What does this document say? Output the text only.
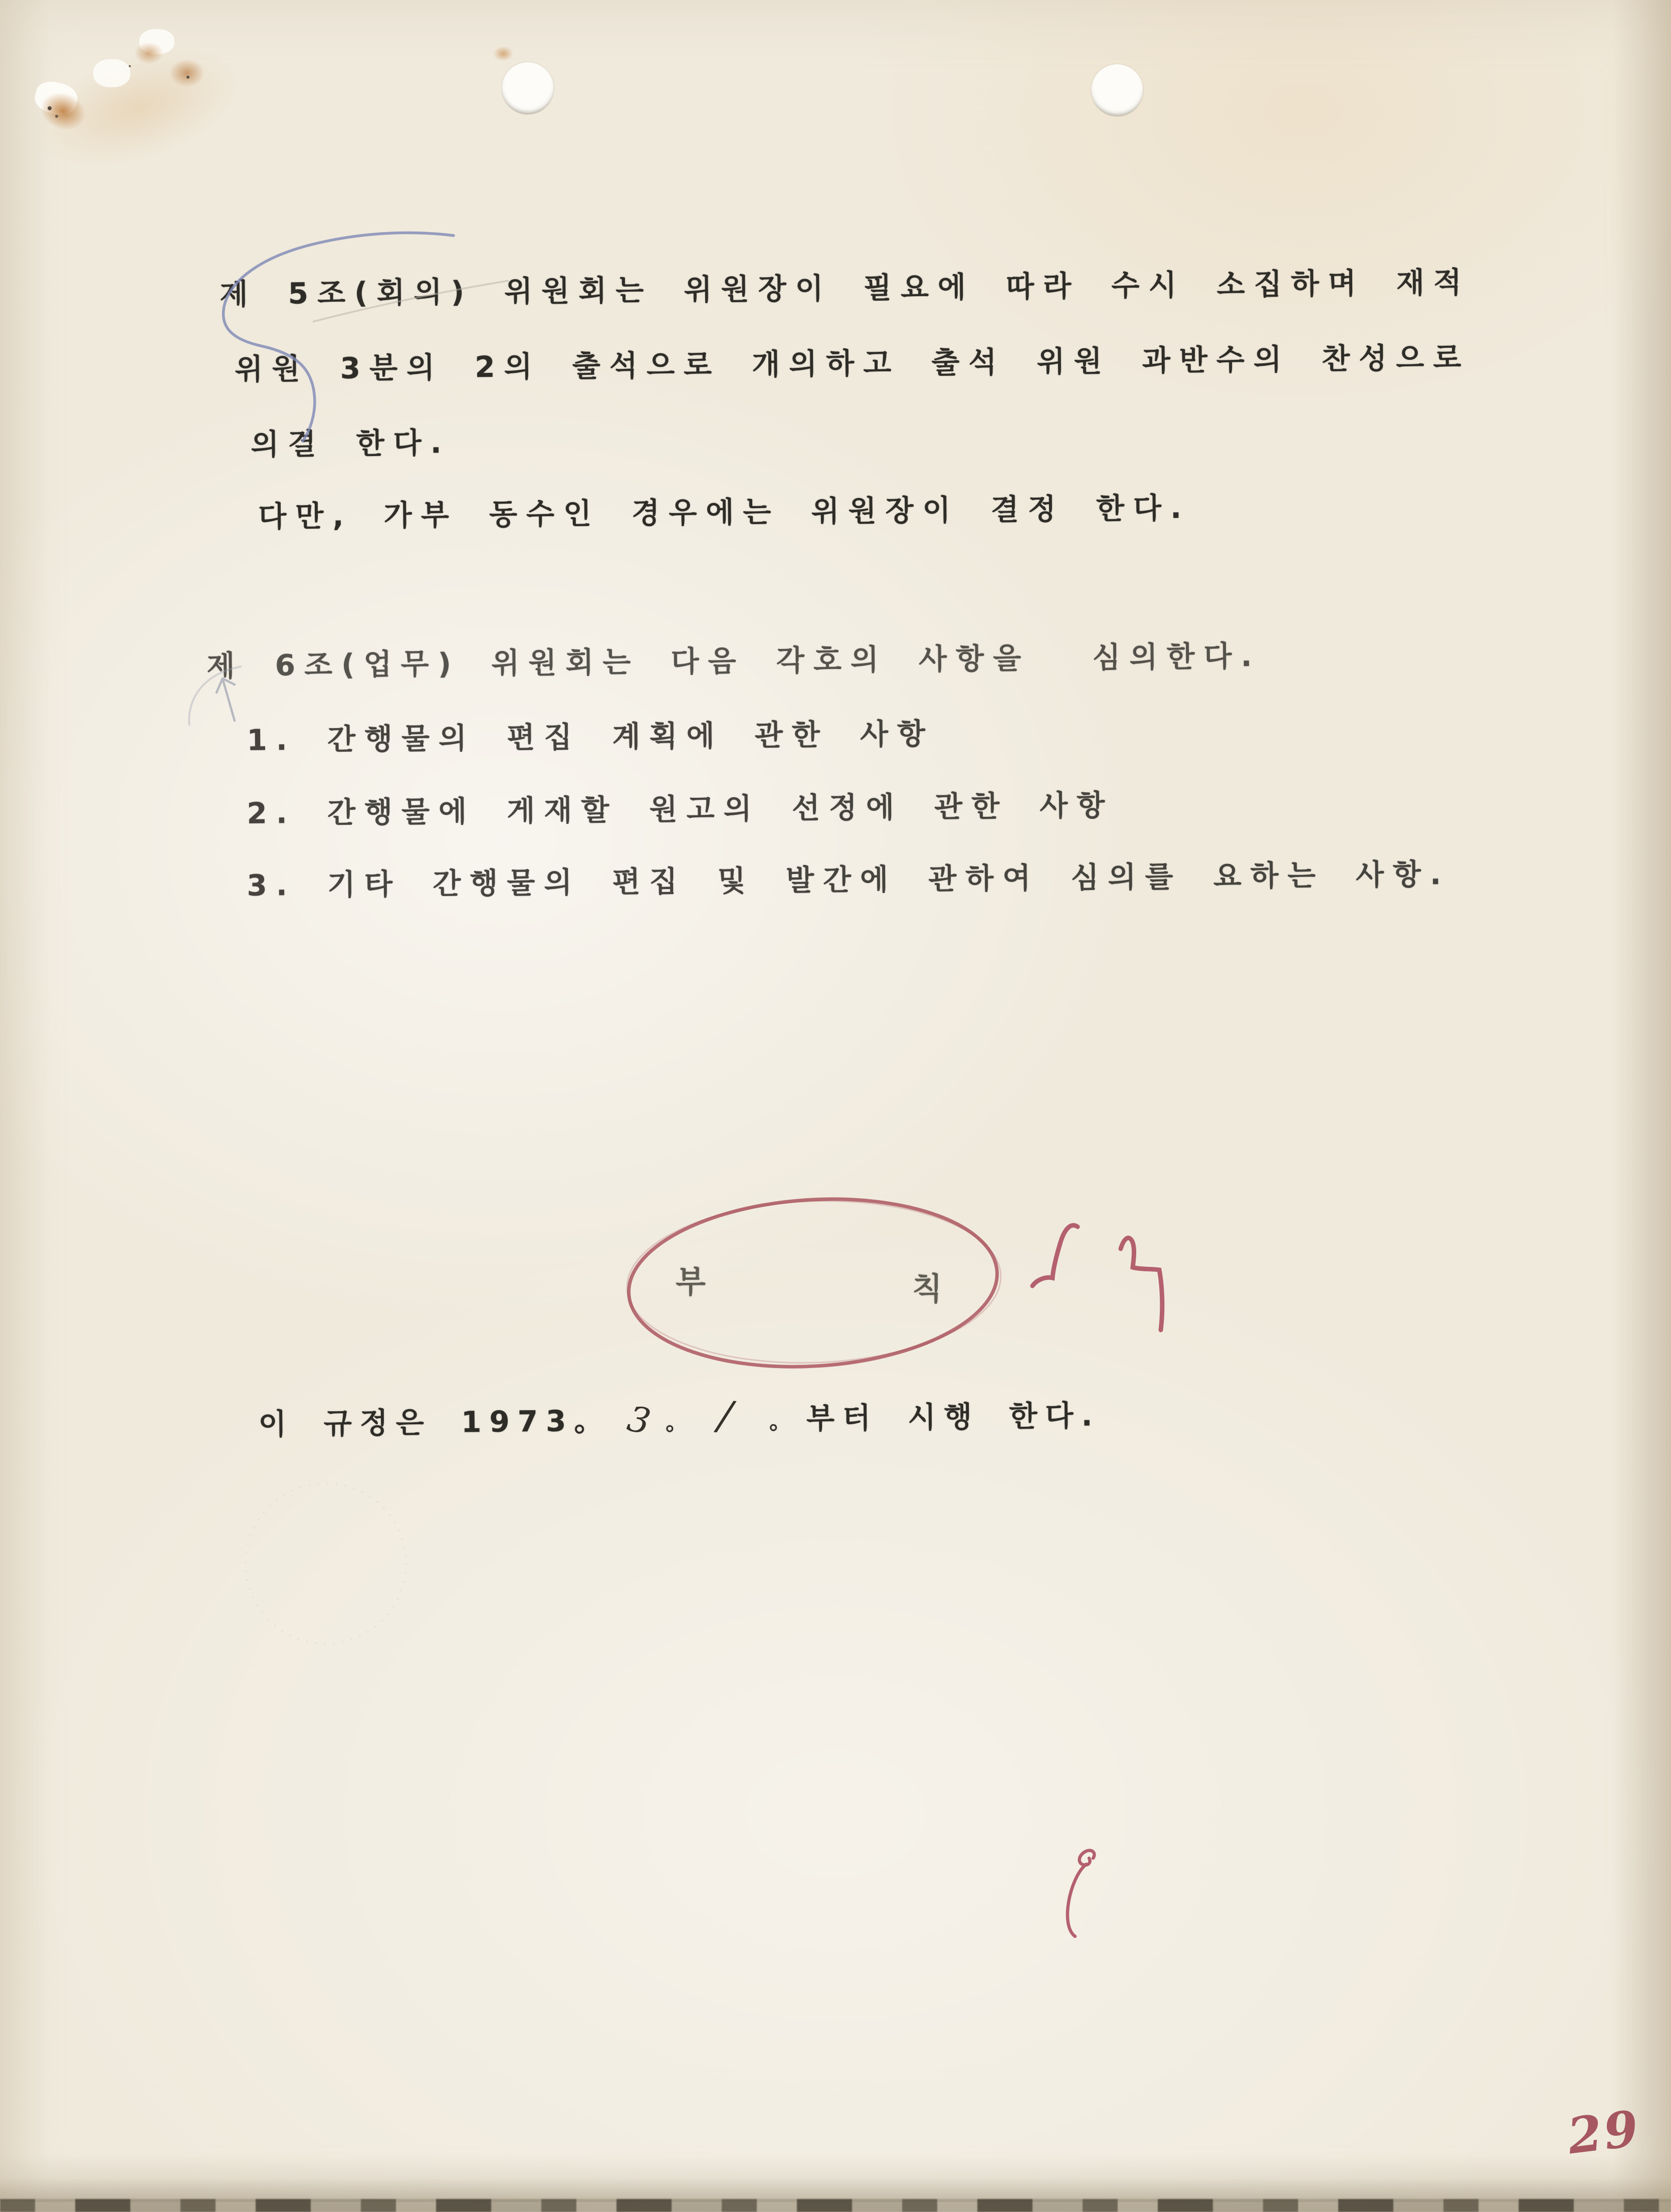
제 5조(회의) 위원회는 위원장이 필요에 따라 수시 소집하며 재적
위원 3분의 2의 출석으로 개의하고 출석 위원 과반수의 찬성으로
의결 한다.
다만, 가부 동수인 경우에는 위원장이 결정 한다.
제 6조(업무) 위원회는 다음 각호의 사항을  심의한다.
1. 간행물의 편집 계획에 관한 사항
2. 간행물에 게재할 원고의 선정에 관한 사항
3. 기타 간행물의 편집 및 발간에 관하여 심의를 요하는 사항.
부	칙
이 규정은 1973。 3 。 / 。 부터 시행 한다.
29
